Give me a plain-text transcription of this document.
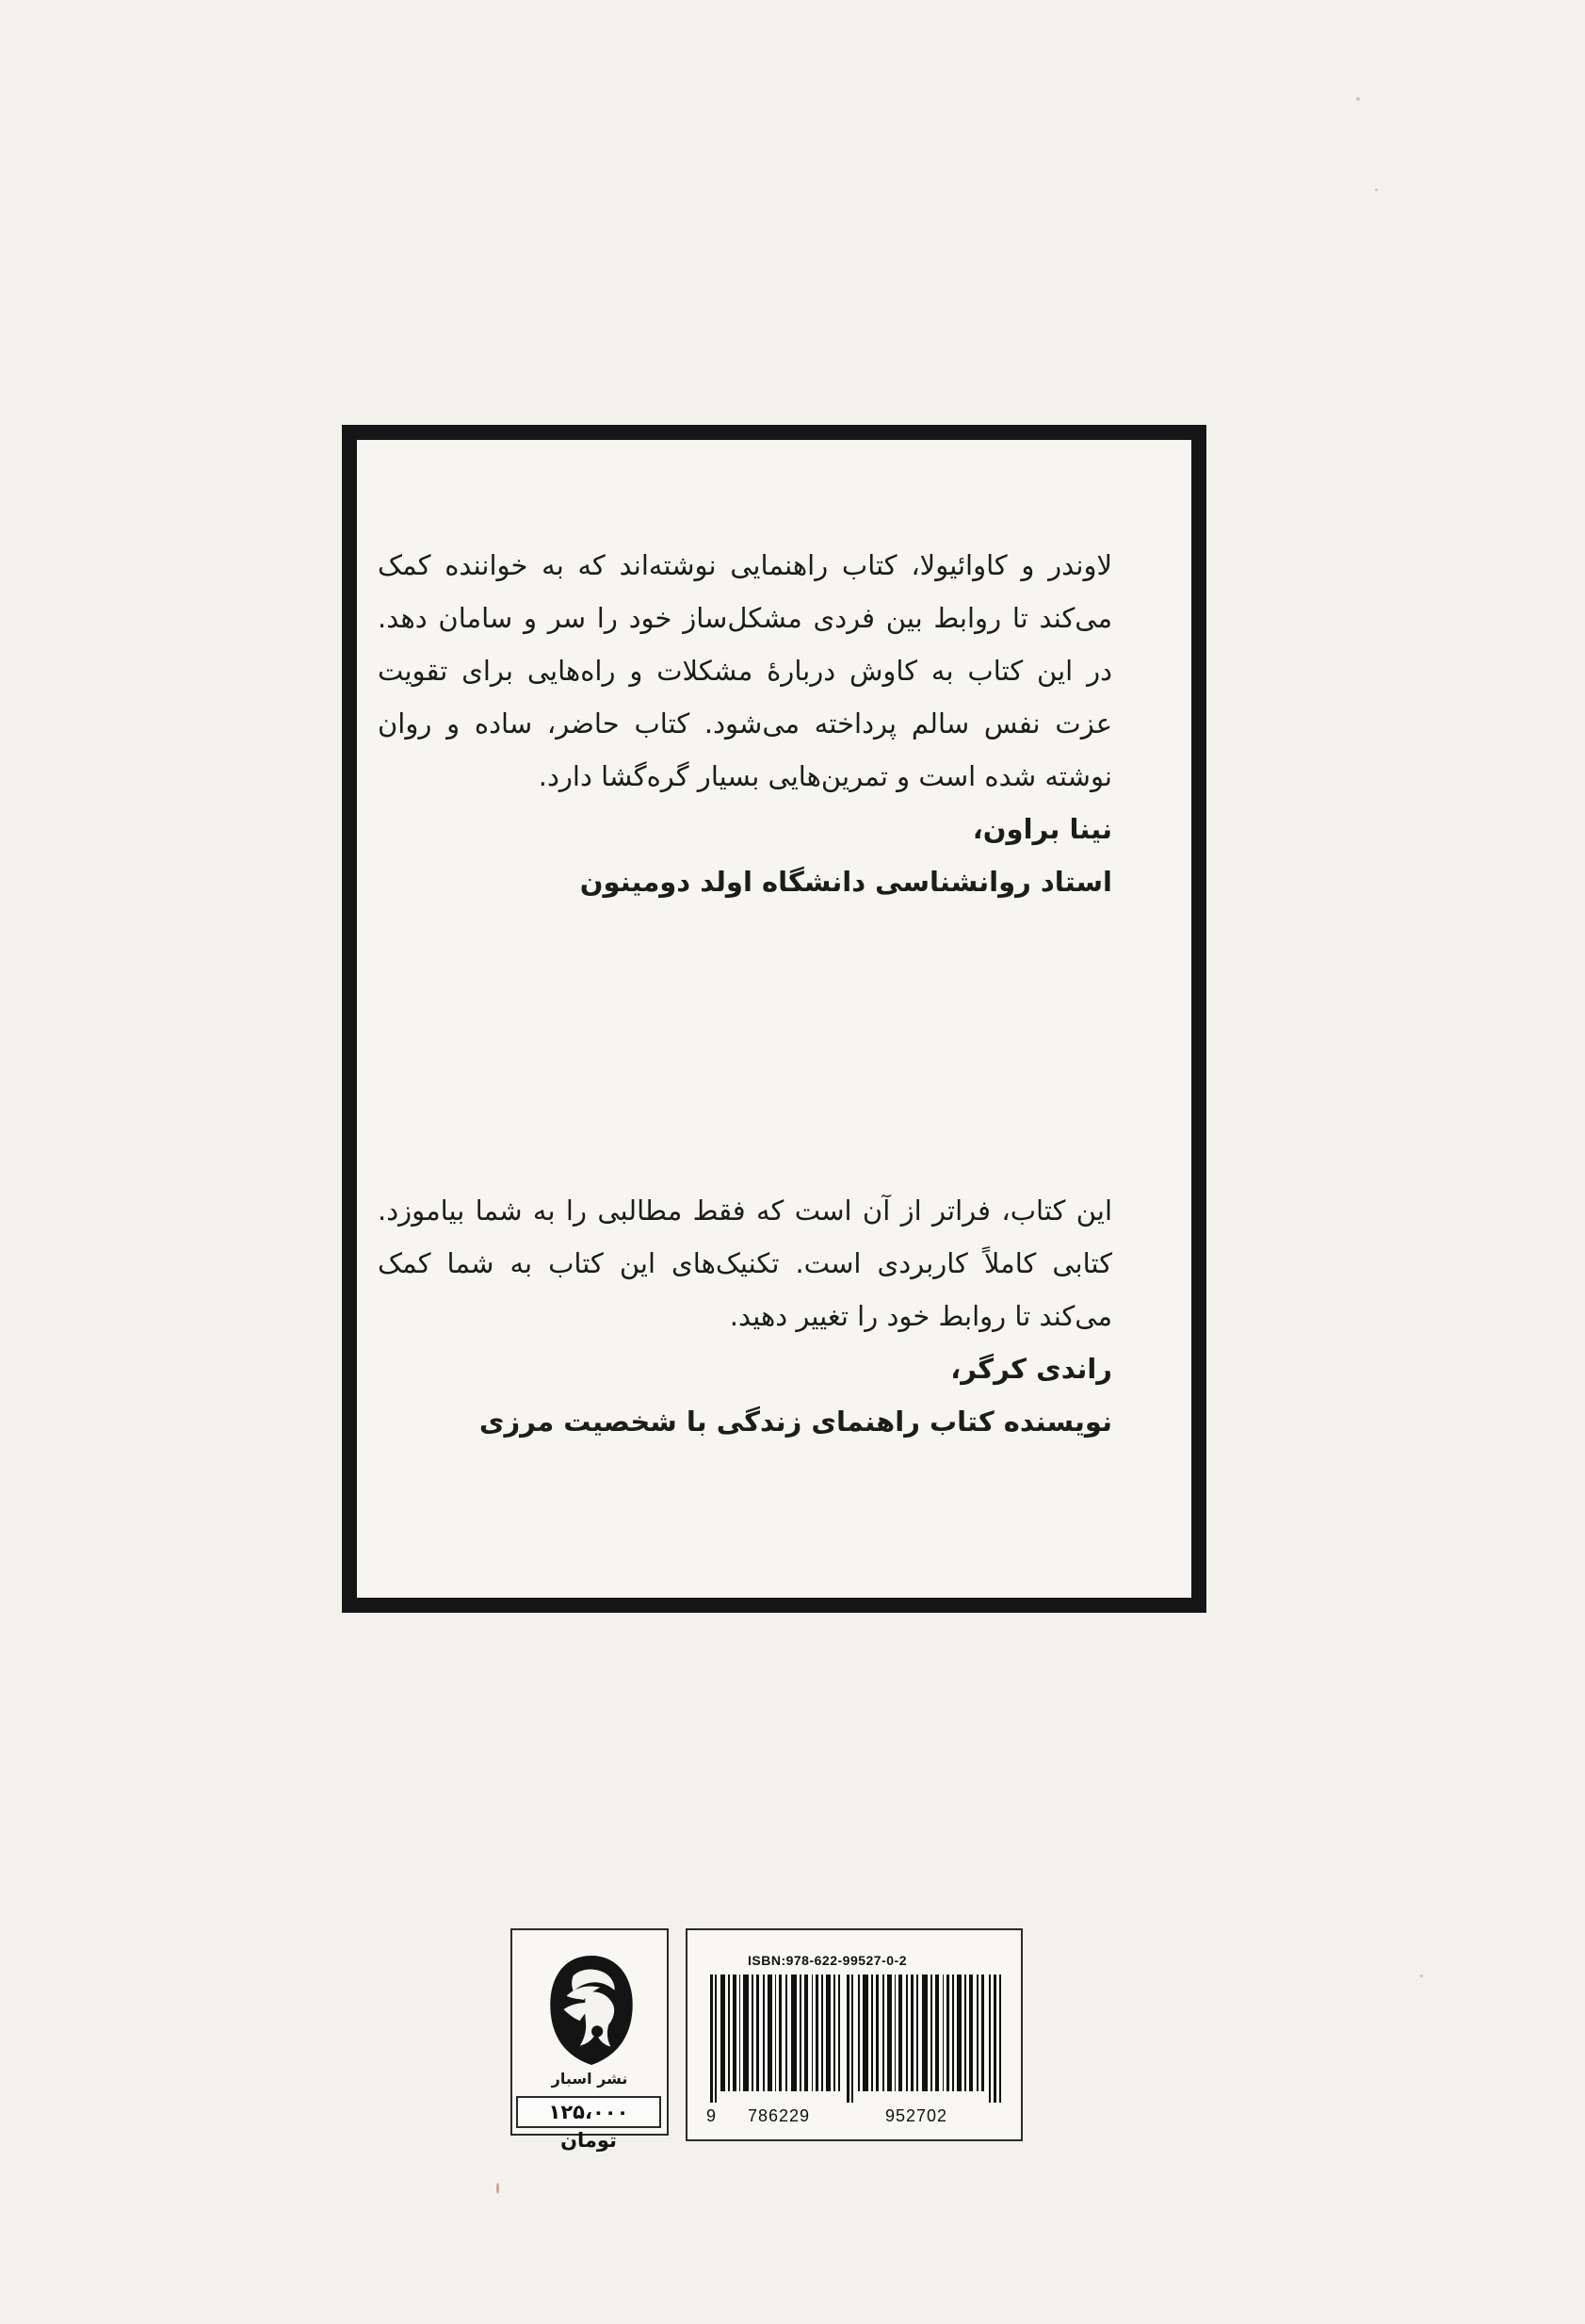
لاوندر و کاوائیولا، کتاب راهنمایی نوشته‌اند که به خواننده کمک می‌کند تا روابط بین فردی مشکل‌ساز خود را سر و سامان دهد. در این کتاب به کاوش دربارۀ مشکلات و راه‌هایی برای تقویت عزت نفس سالم پرداخته می‌شود. کتاب حاضر، ساده و روان نوشته شده است و تمرین‌هایی بسیار گره‌گشا دارد.

نینا براون،

استاد روانشناسی دانشگاه اولد دومینون

این کتاب، فراتر از آن است که فقط مطالبی را به شما بیاموزد. کتابی کاملاً کاربردی است. تکنیک‌های این کتاب به شما کمک می‌کند تا روابط خود را تغییر دهید.

راندی کرگر،

نویسنده کتاب راهنمای زندگی با شخصیت مرزی

نشر اسبار
۱۲۵،۰۰۰ تومان
ISBN:978-622-99527-0-2
9 786229	952702
